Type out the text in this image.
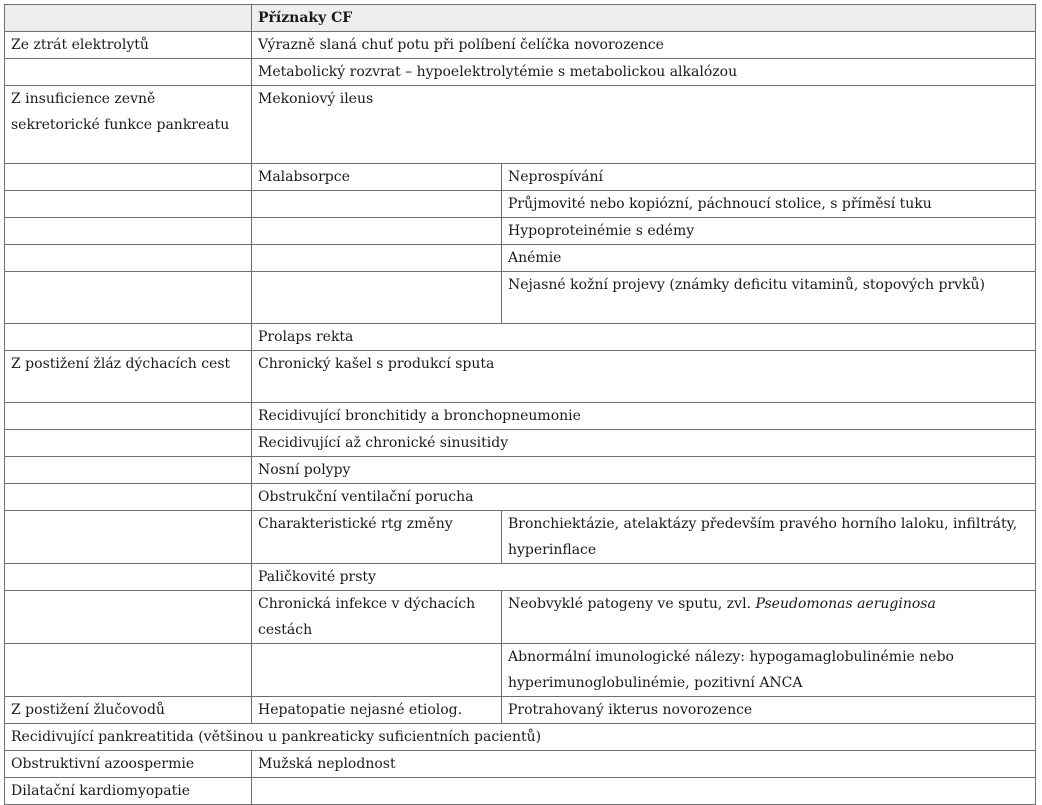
	Příznaky CF	
Ze ztrát elektrolytů	Výrazně slaná chuť potu při políbení čelíčka novorozence	
	Metabolický rozvrat – hypoelektrolytémie s metabolickou alkalózou	
Z insuficience zevně sekretorické funkce pankreatu	Mekoniový ileus	
	Malabsorpce	Neprospívání
		Průjmovité nebo kopiózní, páchnoucí stolice, s příměsí tuku
		Hypoproteinémie s edémy
		Anémie
		Nejasné kožní projevy (známky deficitu vitaminů, stopových prvků)
	Prolaps rekta	
Z postižení žláz dýchacích cest	Chronický kašel s produkcí sputa	
	Recidivující bronchitidy a bronchopneumonie	
	Recidivující až chronické sinusitidy	
	Nosní polypy	
	Obstrukční ventilační porucha	
	Charakteristické rtg změny	Bronchiektázie, atelaktázy především pravého horního laloku, infiltráty, hyperinflace
	Paličkovité prsty	
	Chronická infekce v dýchacích cestách	Neobvyklé patogeny ve sputu, zvl. Pseudomonas aeruginosa
		Abnormální imunologické nálezy: hypogamaglobulinémie nebo hyperimunoglobulinémie, pozitivní ANCA
Z postižení žlučovodů	Hepatopatie nejasné etiolog.	Protrahovaný ikterus novorozence
Recidivující pankreatitida (většinou u pankreaticky suficientních pacientů)		
Obstruktivní azoospermie	Mužská neplodnost	
Dilatační kardiomyopatie		
